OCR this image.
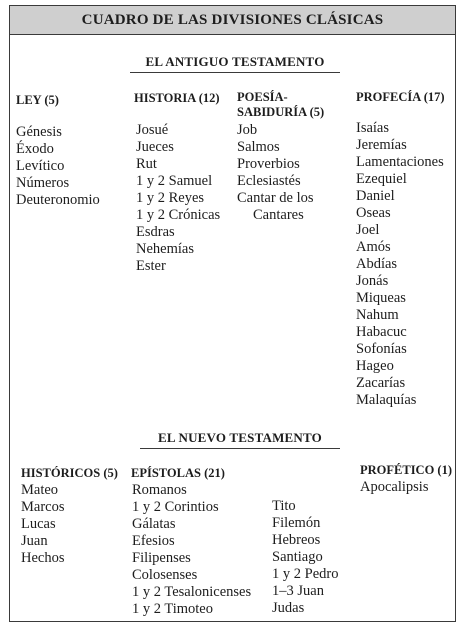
CUADRO DE LAS DIVISIONES CLÁSICAS
EL ANTIGUO TESTAMENTO
LEY (5)
Génesis
Éxodo
Levítico
Números
Deuteronomio
HISTORIA (12)
Josué
Jueces
Rut
1 y 2 Samuel
1 y 2 Reyes
1 y 2 Crónicas
Esdras
Nehemías
Ester
POESÍA-
SABIDURÍA (5)
Job
Salmos
Proverbios
Eclesiastés
Cantar de los
Cantares
PROFECÍA (17)
Isaías
Jeremías
Lamentaciones
Ezequiel
Daniel
Oseas
Joel
Amós
Abdías
Jonás
Miqueas
Nahum
Habacuc
Sofonías
Hageo
Zacarías
Malaquías
EL NUEVO TESTAMENTO
HISTÓRICOS (5)
Mateo
Marcos
Lucas
Juan
Hechos
EPÍSTOLAS (21)
Romanos
1 y 2 Corintios
Gálatas
Efesios
Filipenses
Colosenses
1 y 2 Tesalonicenses
1 y 2 Timoteo
Tito
Filemón
Hebreos
Santiago
1 y 2 Pedro
1–3 Juan
Judas
PROFÉTICO (1)
Apocalipsis
